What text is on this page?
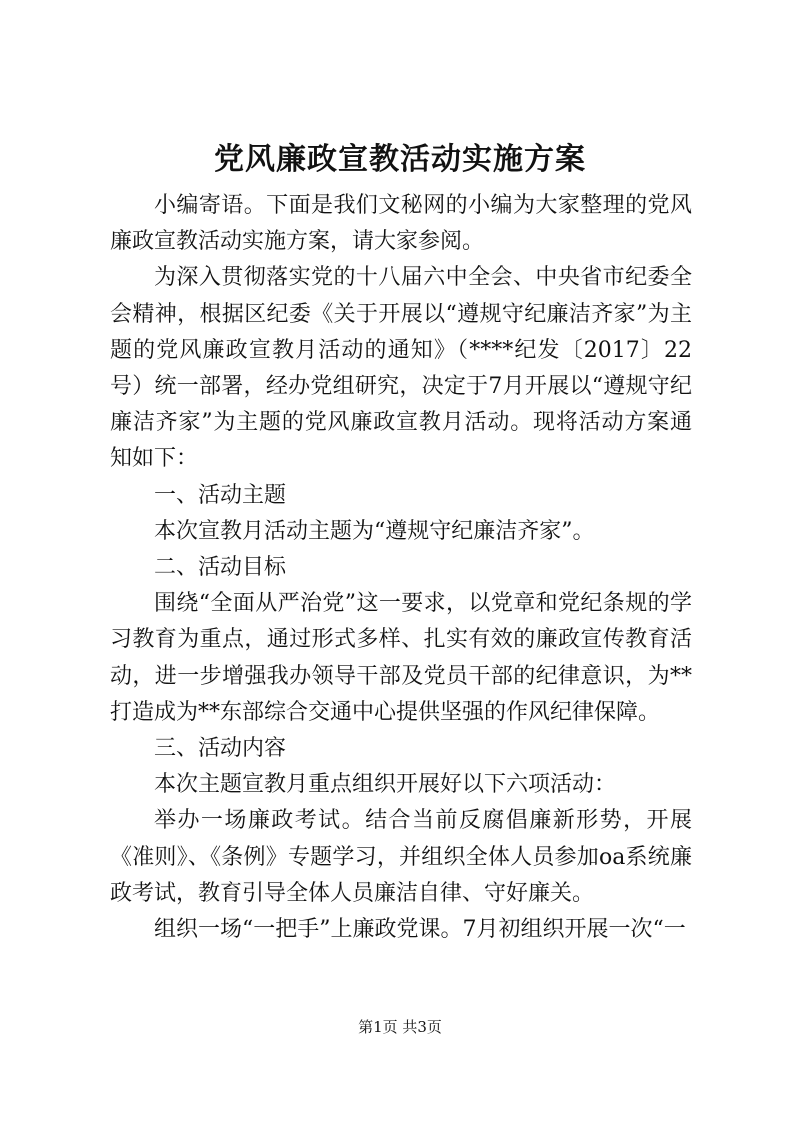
党风廉政宣教活动实施方案

小编寄语。下面是我们文秘网的小编为大家整理的党风廉政宣教活动实施方案，请大家参阅。

为深入贯彻落实党的十八届六中全会、中央省市纪委全会精神，根据区纪委《关于开展以“遵规守纪廉洁齐家”为主题的党风廉政宣教月活动的通知》（****纪发〔2017〕22号）统一部署，经办党组研究，决定于7月开展以“遵规守纪廉洁齐家”为主题的党风廉政宣教月活动。现将活动方案通知如下：

一、活动主题

本次宣教月活动主题为“遵规守纪廉洁齐家”。

二、活动目标

围绕“全面从严治党”这一要求，以党章和党纪条规的学习教育为重点，通过形式多样、扎实有效的廉政宣传教育活动，进一步增强我办领导干部及党员干部的纪律意识，为**打造成为**东部综合交通中心提供坚强的作风纪律保障。

三、活动内容

本次主题宣教月重点组织开展好以下六项活动：

举办一场廉政考试。结合当前反腐倡廉新形势，开展《准则》、《条例》专题学习，并组织全体人员参加oa系统廉政考试，教育引导全体人员廉洁自律、守好廉关。

组织一场“一把手”上廉政党课。7月初组织开展一次“一

第1页 共3页
